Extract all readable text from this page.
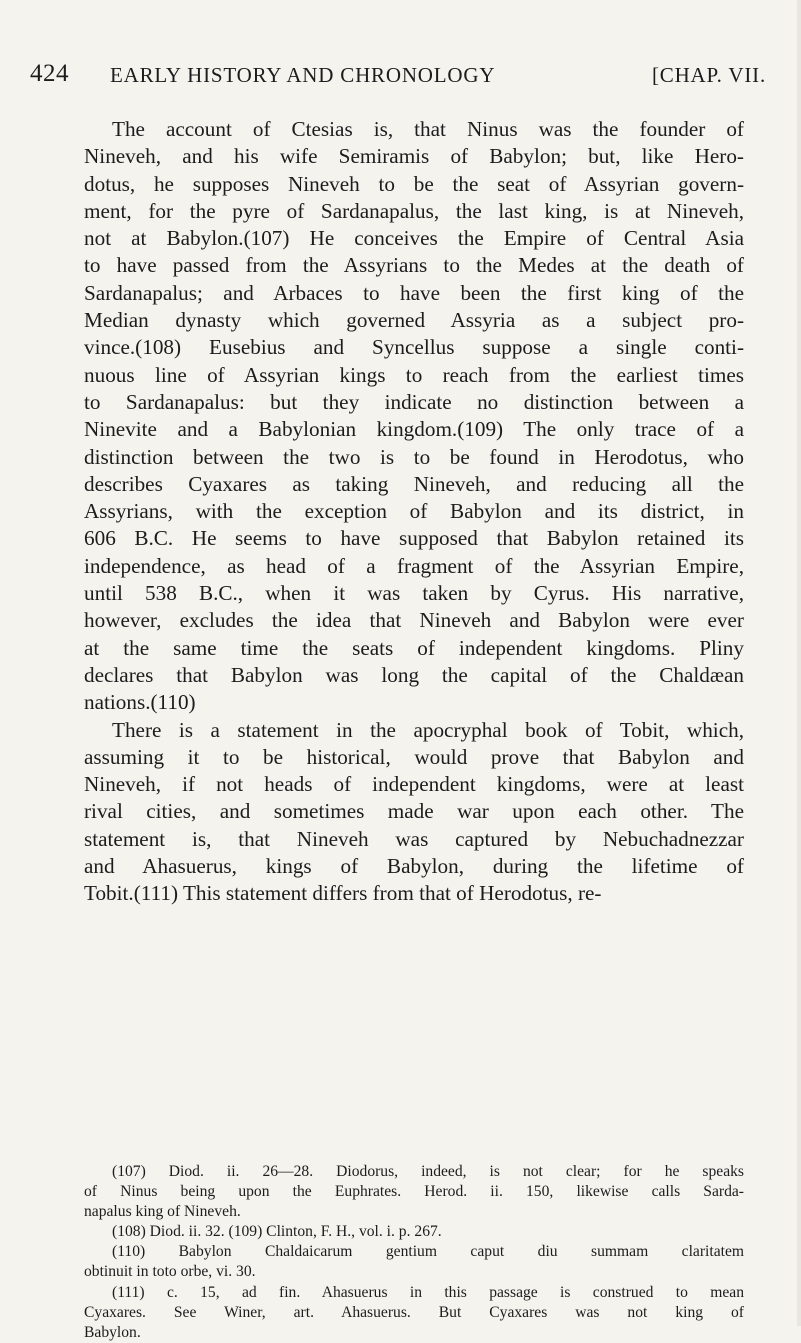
424 EARLY HISTORY AND CHRONOLOGY	[CHAP. VII.
The account of Ctesias is, that Ninus was the founder of
Nineveh, and his wife Semiramis of Babylon; but, like Hero-
dotus, he supposes Nineveh to be the seat of Assyrian govern-
ment, for the pyre of Sardanapalus, the last king, is at Nineveh,
not at Babylon.(107) He conceives the Empire of Central Asia
to have passed from the Assyrians to the Medes at the death of
Sardanapalus; and Arbaces to have been the first king of the
Median dynasty which governed Assyria as a subject pro-
vince.(108) Eusebius and Syncellus suppose a single conti-
nuous line of Assyrian kings to reach from the earliest times
to Sardanapalus: but they indicate no distinction between a
Ninevite and a Babylonian kingdom.(109) The only trace of a
distinction between the two is to be found in Herodotus, who
describes Cyaxares as taking Nineveh, and reducing all the
Assyrians, with the exception of Babylon and its district, in
606 B.C. He seems to have supposed that Babylon retained its
independence, as head of a fragment of the Assyrian Empire,
until 538 B.C., when it was taken by Cyrus. His narrative,
however, excludes the idea that Nineveh and Babylon were ever
at the same time the seats of independent kingdoms. Pliny
declares that Babylon was long the capital of the Chaldæan
nations.(110)
There is a statement in the apocryphal book of Tobit, which,
assuming it to be historical, would prove that Babylon and
Nineveh, if not heads of independent kingdoms, were at least
rival cities, and sometimes made war upon each other. The
statement is, that Nineveh was captured by Nebuchadnezzar
and Ahasuerus, kings of Babylon, during the lifetime of
Tobit.(111) This statement differs from that of Herodotus, re-
(107) Diod. ii. 26—28. Diodorus, indeed, is not clear; for he speaks
of Ninus being upon the Euphrates. Herod. ii. 150, likewise calls Sarda-
napalus king of Nineveh.
(108) Diod. ii. 32. (109) Clinton, F. H., vol. i. p. 267.
(110) Babylon Chaldaicarum gentium caput diu summam claritatem
obtinuit in toto orbe, vi. 30.
(111) c. 15, ad fin. Ahasuerus in this passage is construed to mean
Cyaxares. See Winer, art. Ahasuerus. But Cyaxares was not king of
Babylon.
